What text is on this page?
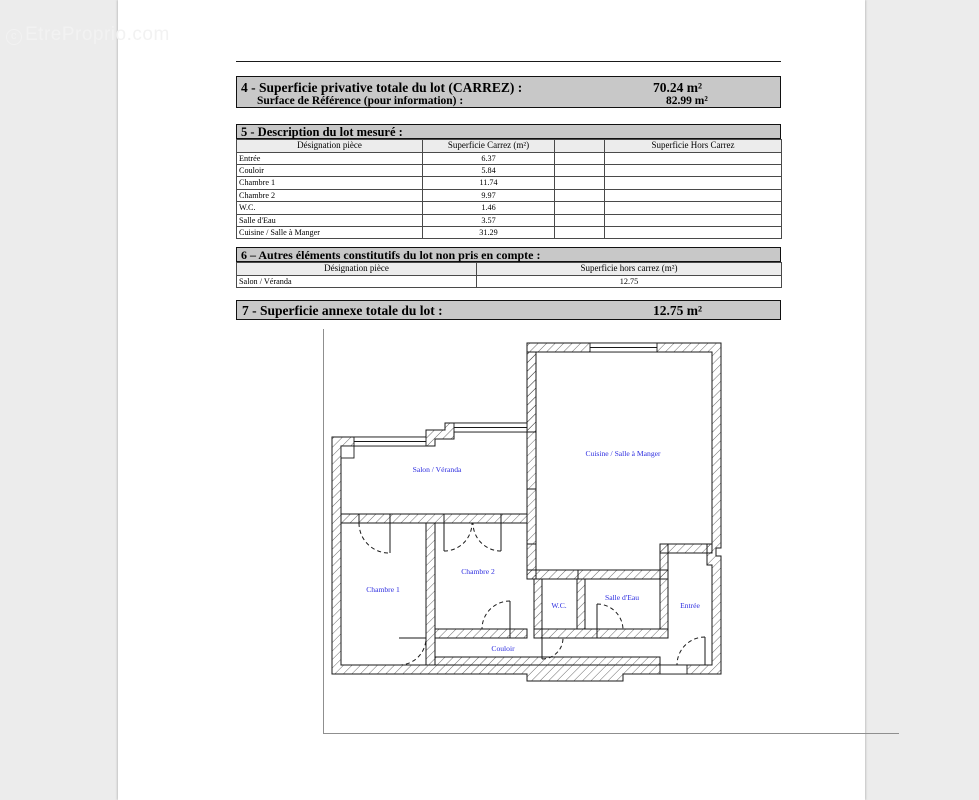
c EtreProprio.com
4 - Superficie privative totale du lot (CARREZ) :	70.24 m²
Surface de Référence (pour information) :	82.99 m²
5 - Description du lot mesuré :
Désignation pièce	Superficie Carrez (m²)		Superficie Hors Carrez
Entrée	6.37		
Couloir	5.84		
Chambre 1	11.74		
Chambre 2	9.97		
W.C.	1.46		
Salle d'Eau	3.57		
Cuisine / Salle à Manger	31.29		
6 – Autres éléments constitutifs du lot non pris en compte :
Désignation pièce	Superficie hors carrez (m²)
Salon / Véranda	12.75
7 - Superficie annexe totale du lot :	12.75 m²
Cuisine / Salle à Manger
Salon / Véranda
Chambre 1
Chambre 2
W.C.
Salle d'Eau
Entrée
Couloir
